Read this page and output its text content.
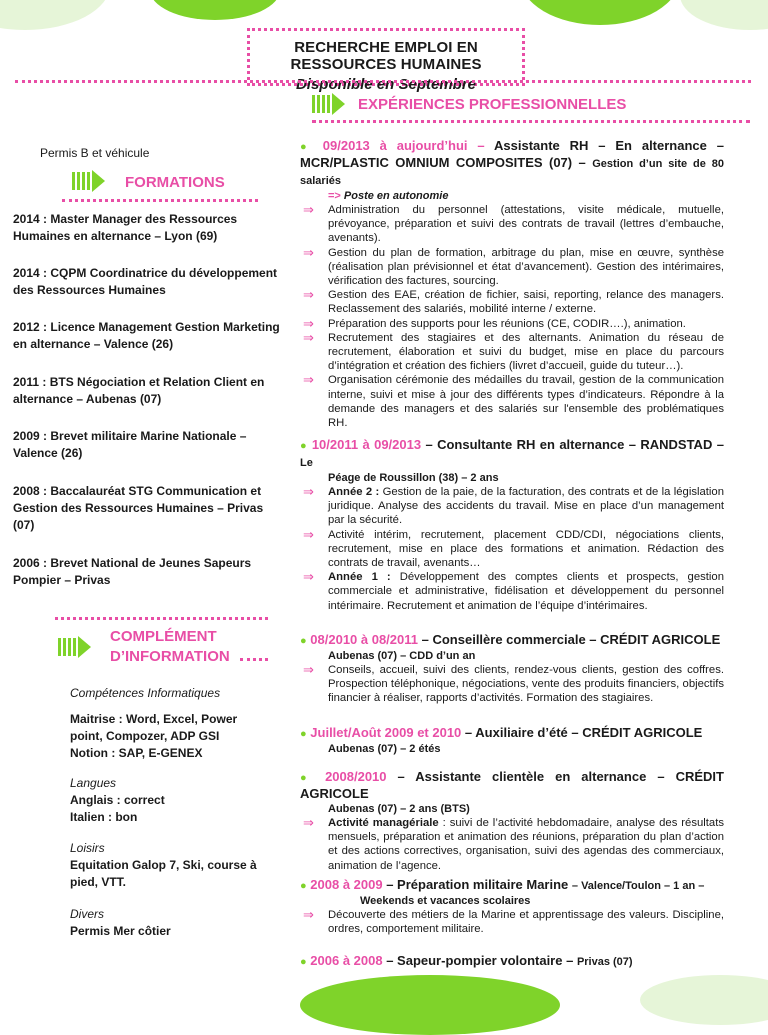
RECHERCHE EMPLOI EN RESSOURCES HUMAINES
Disponible en Septembre
EXPÉRIENCES PROFESSIONNELLES
Permis B et véhicule
FORMATIONS
2014 : Master Manager des Ressources Humaines en alternance – Lyon (69)
2014 : CQPM Coordinatrice du développement des Ressources Humaines
2012 : Licence Management Gestion Marketing en alternance – Valence (26)
2011 : BTS Négociation et Relation Client en alternance – Aubenas (07)
2009 : Brevet militaire Marine Nationale – Valence (26)
2008 : Baccalauréat STG Communication et Gestion des Ressources Humaines – Privas (07)
2006 : Brevet National de Jeunes Sapeurs Pompier – Privas
COMPLÉMENT
D’INFORMATION
Compétences Informatiques
Maitrise : Word, Excel, Power point, Compozer, ADP GSI Notion : SAP, E-GENEX
Langues
Anglais : correct
Italien : bon
Loisirs
Equitation Galop 7, Ski, course à pied, VTT.
Divers
Permis Mer côtier
● 09/2013 à aujourd’hui – Assistante RH – En alternance – MCR/PLASTIC OMNIUM COMPOSITES (07) – Gestion d’un site de 80 salariés
=> Poste en autonomie
⇒ Administration du personnel (attestations, visite médicale, mutuelle, prévoyance, préparation et suivi des contrats de travail (lettres d’embauche, avenants).
⇒ Gestion du plan de formation, arbitrage du plan, mise en œuvre, synthèse (réalisation plan prévisionnel et état d’avancement). Gestion des intérimaires, vérification des factures, sourcing.
⇒ Gestion des EAE, création de fichier, saisi, reporting, relance des managers. Reclassement des salariés, mobilité interne / externe.
⇒ Préparation des supports pour les réunions (CE, CODIR….), animation.
⇒ Recrutement des stagiaires et des alternants. Animation du réseau de recrutement, élaboration et suivi du budget, mise en place du parcours d’intégration et création des fichiers (livret d’accueil, guide du tuteur…).
⇒ Organisation cérémonie des médailles du travail, gestion de la communication interne, suivi et mise à jour des différents types d’indicateurs. Répondre à la demande des managers et des salariés sur l'ensemble des problématiques RH.
● 10/2011 à 09/2013 – Consultante RH en alternance – RANDSTAD – Le
Péage de Roussillon (38) – 2 ans
⇒ Année 2 : Gestion de la paie, de la facturation, des contrats et de la législation juridique. Analyse des accidents du travail. Mise en place d’un management par la sécurité.
⇒ Activité intérim, recrutement, placement CDD/CDI, négociations clients, recrutement, mise en place des formations et animation. Rédaction des contrats de travail, avenants…
⇒ Année 1 : Développement des comptes clients et prospects, gestion commerciale et administrative, fidélisation et développement du personnel intérimaire. Recrutement et animation de l’équipe d’intérimaires.
● 08/2010 à 08/2011 – Conseillère commerciale – CRÉDIT AGRICOLE
Aubenas (07) – CDD d’un an
⇒ Conseils, accueil, suivi des clients, rendez-vous clients, gestion des coffres. Prospection téléphonique, négociations, vente des produits financiers, objectifs financier à réaliser, rapports d’activités. Formation des stagiaires.
● Juillet/Août 2009 et 2010 – Auxiliaire d’été – CRÉDIT AGRICOLE
Aubenas (07) – 2 étés
● 2008/2010 – Assistante clientèle en alternance – CRÉDIT AGRICOLE
Aubenas (07) – 2 ans (BTS)
⇒ Activité managériale : suivi de l’activité hebdomadaire, analyse des résultats mensuels, préparation et animation des réunions, préparation du plan d’action et des actions correctives, organisation, suivi des agendas des commerciaux, animation de l’agence.
● 2008 à 2009 – Préparation militaire Marine – Valence/Toulon – 1 an –
Weekends et vacances scolaires
⇒ Découverte des métiers de la Marine et apprentissage des valeurs. Discipline, ordres, comportement militaire.
● 2006 à 2008 – Sapeur-pompier volontaire – Privas (07)
